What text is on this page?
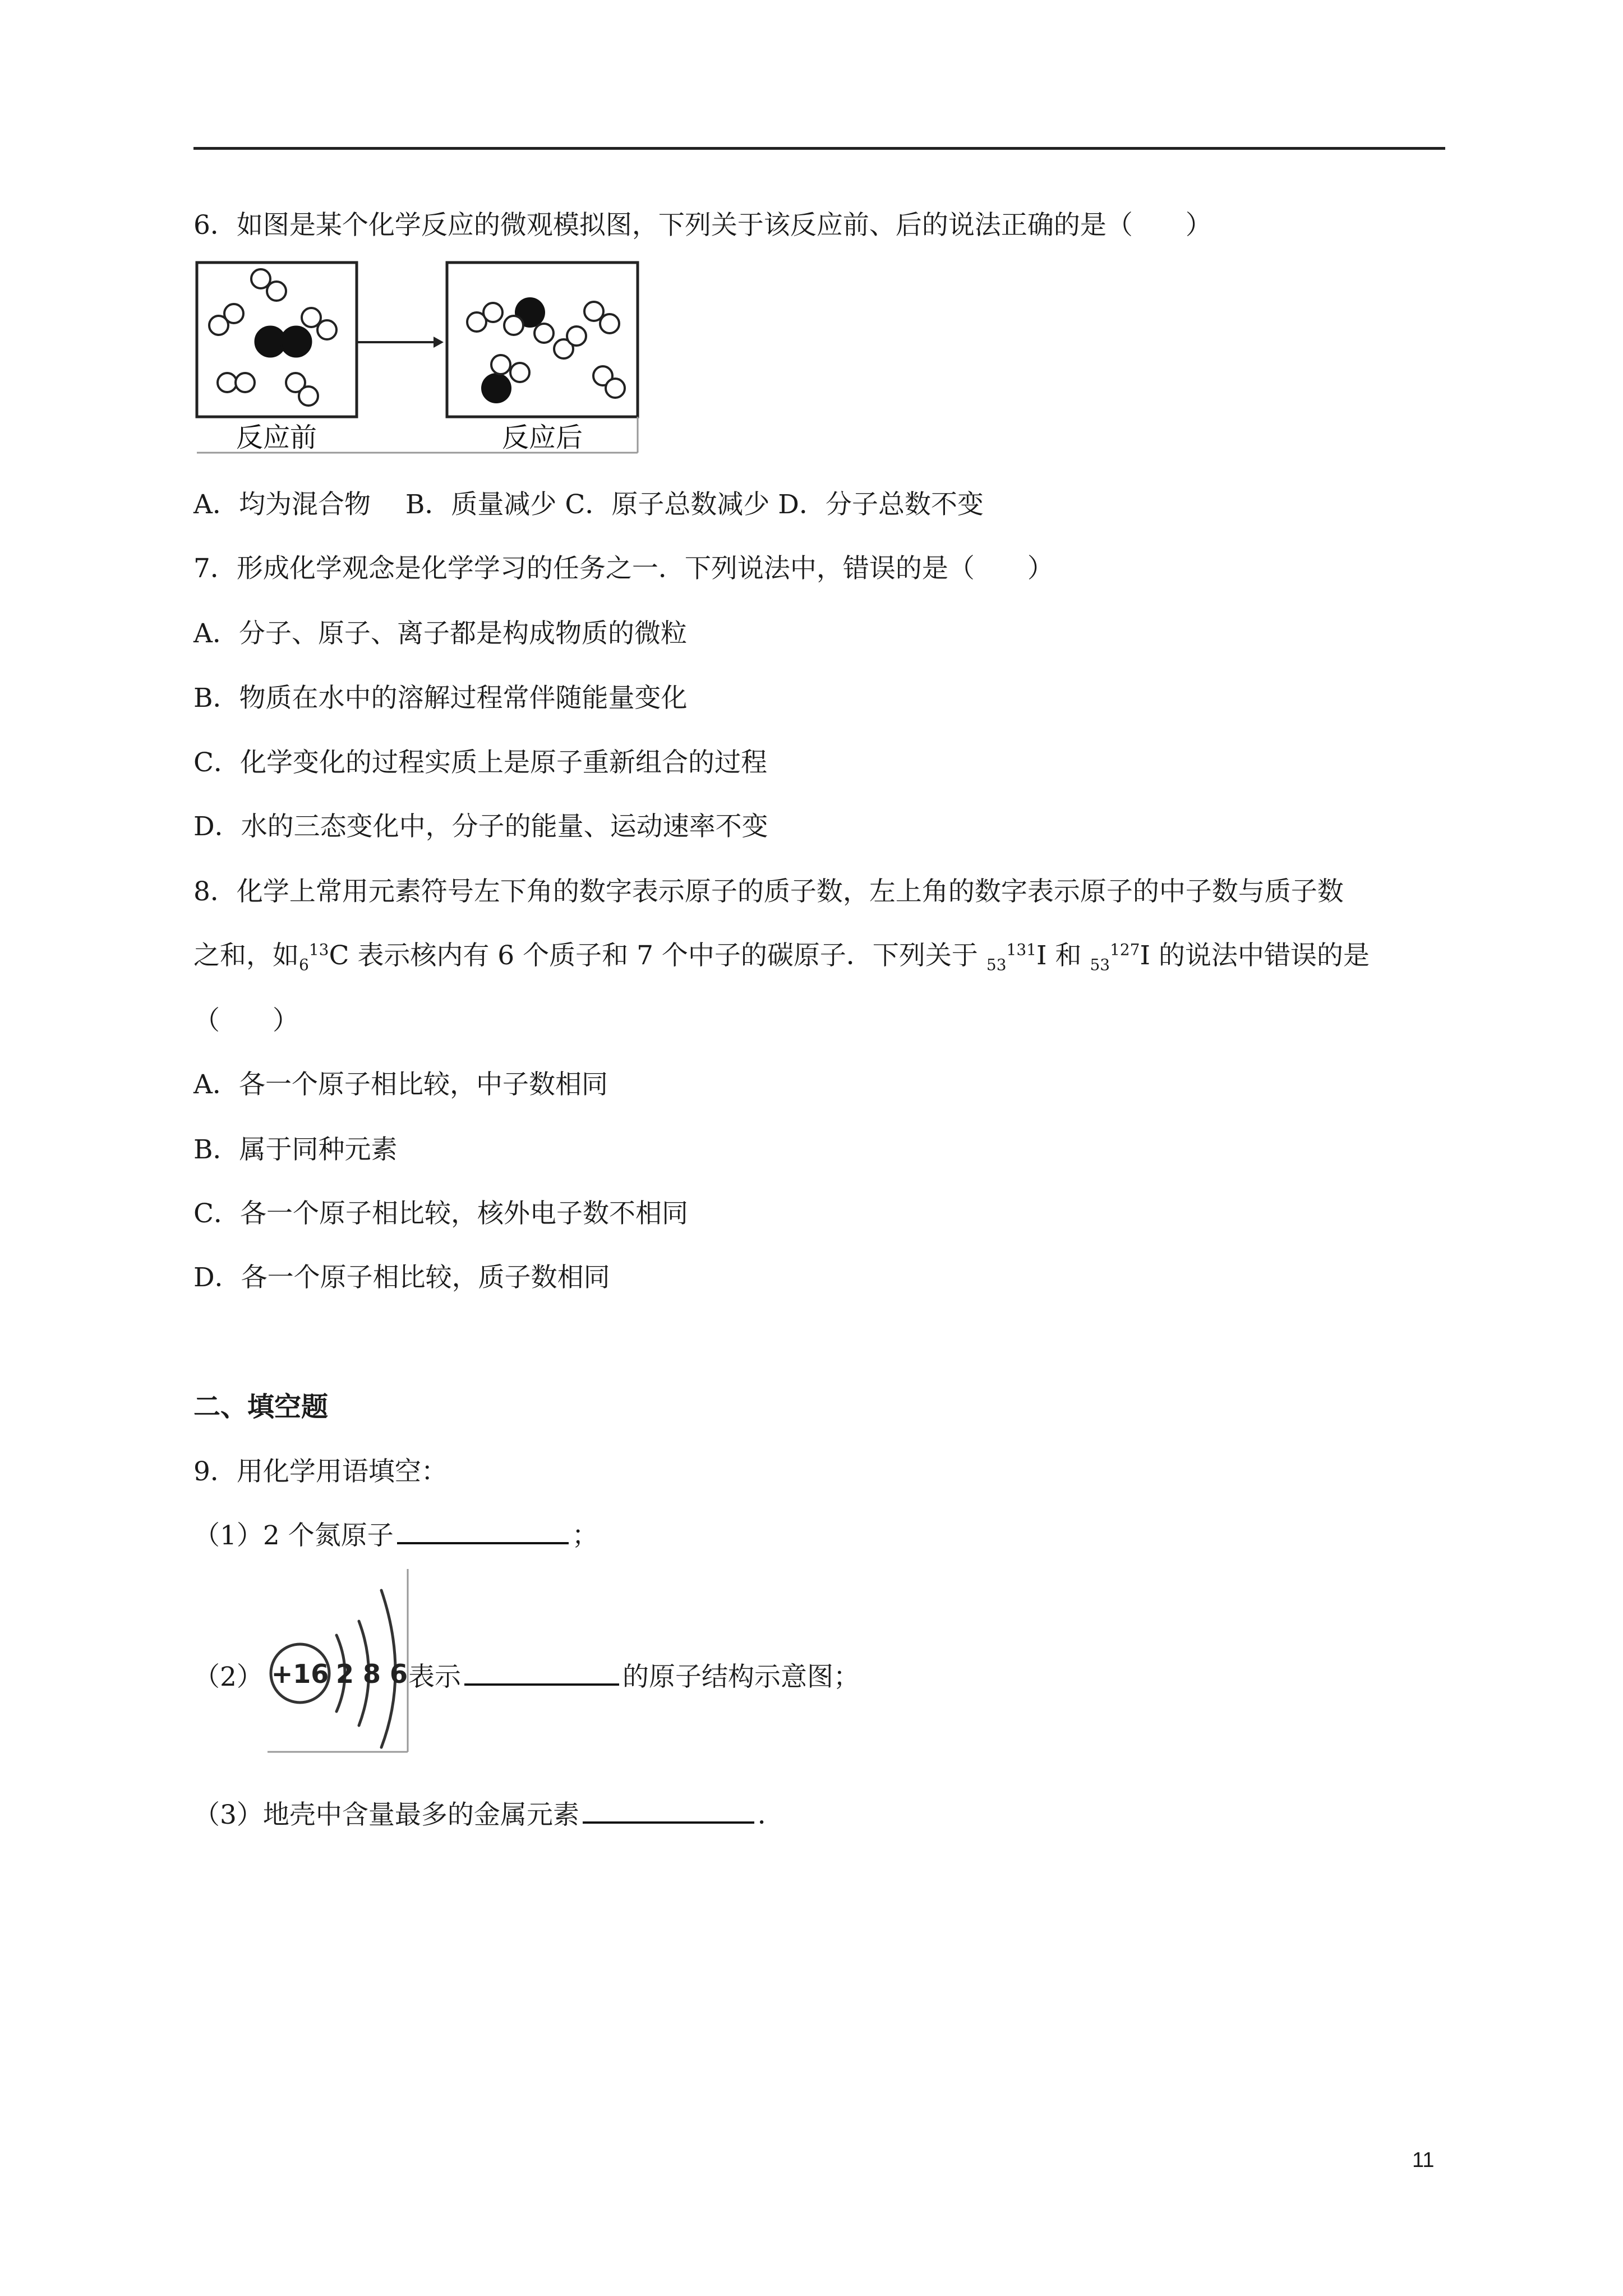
6．如图是某个化学反应的微观模拟图，下列关于该反应前、后的说法正确的是（　　）
反应前	反应后
A．均为混合物　 B．质量减少 C．原子总数减少 D．分子总数不变
7．形成化学观念是化学学习的任务之一．下列说法中，错误的是（　　）
A．分子、原子、离子都是构成物质的微粒
B．物质在水中的溶解过程常伴随能量变化
C．化学变化的过程实质上是原子重新组合的过程
D．水的三态变化中，分子的能量、运动速率不变
8．化学上常用元素符号左下角的数字表示原子的质子数，左上角的数字表示原子的中子数与质子数
之和，如$_6^{13}$C 表示核内有 6 个质子和 7 个中子的碳原子．下列关于 $_{53}^{131}$I 和 $_{53}^{127}$I 的说法中错误的是
（　　）
A．各一个原子相比较，中子数相同
B．属于同种元素
C．各一个原子相比较，核外电子数不相同
D．各一个原子相比较，质子数相同
二、填空题
9．用化学用语填空：
（1）2 个氮原子	；
（2） +16 2 8 6 表示	的原子结构示意图；
（3）地壳中含量最多的金属元素	．
11
